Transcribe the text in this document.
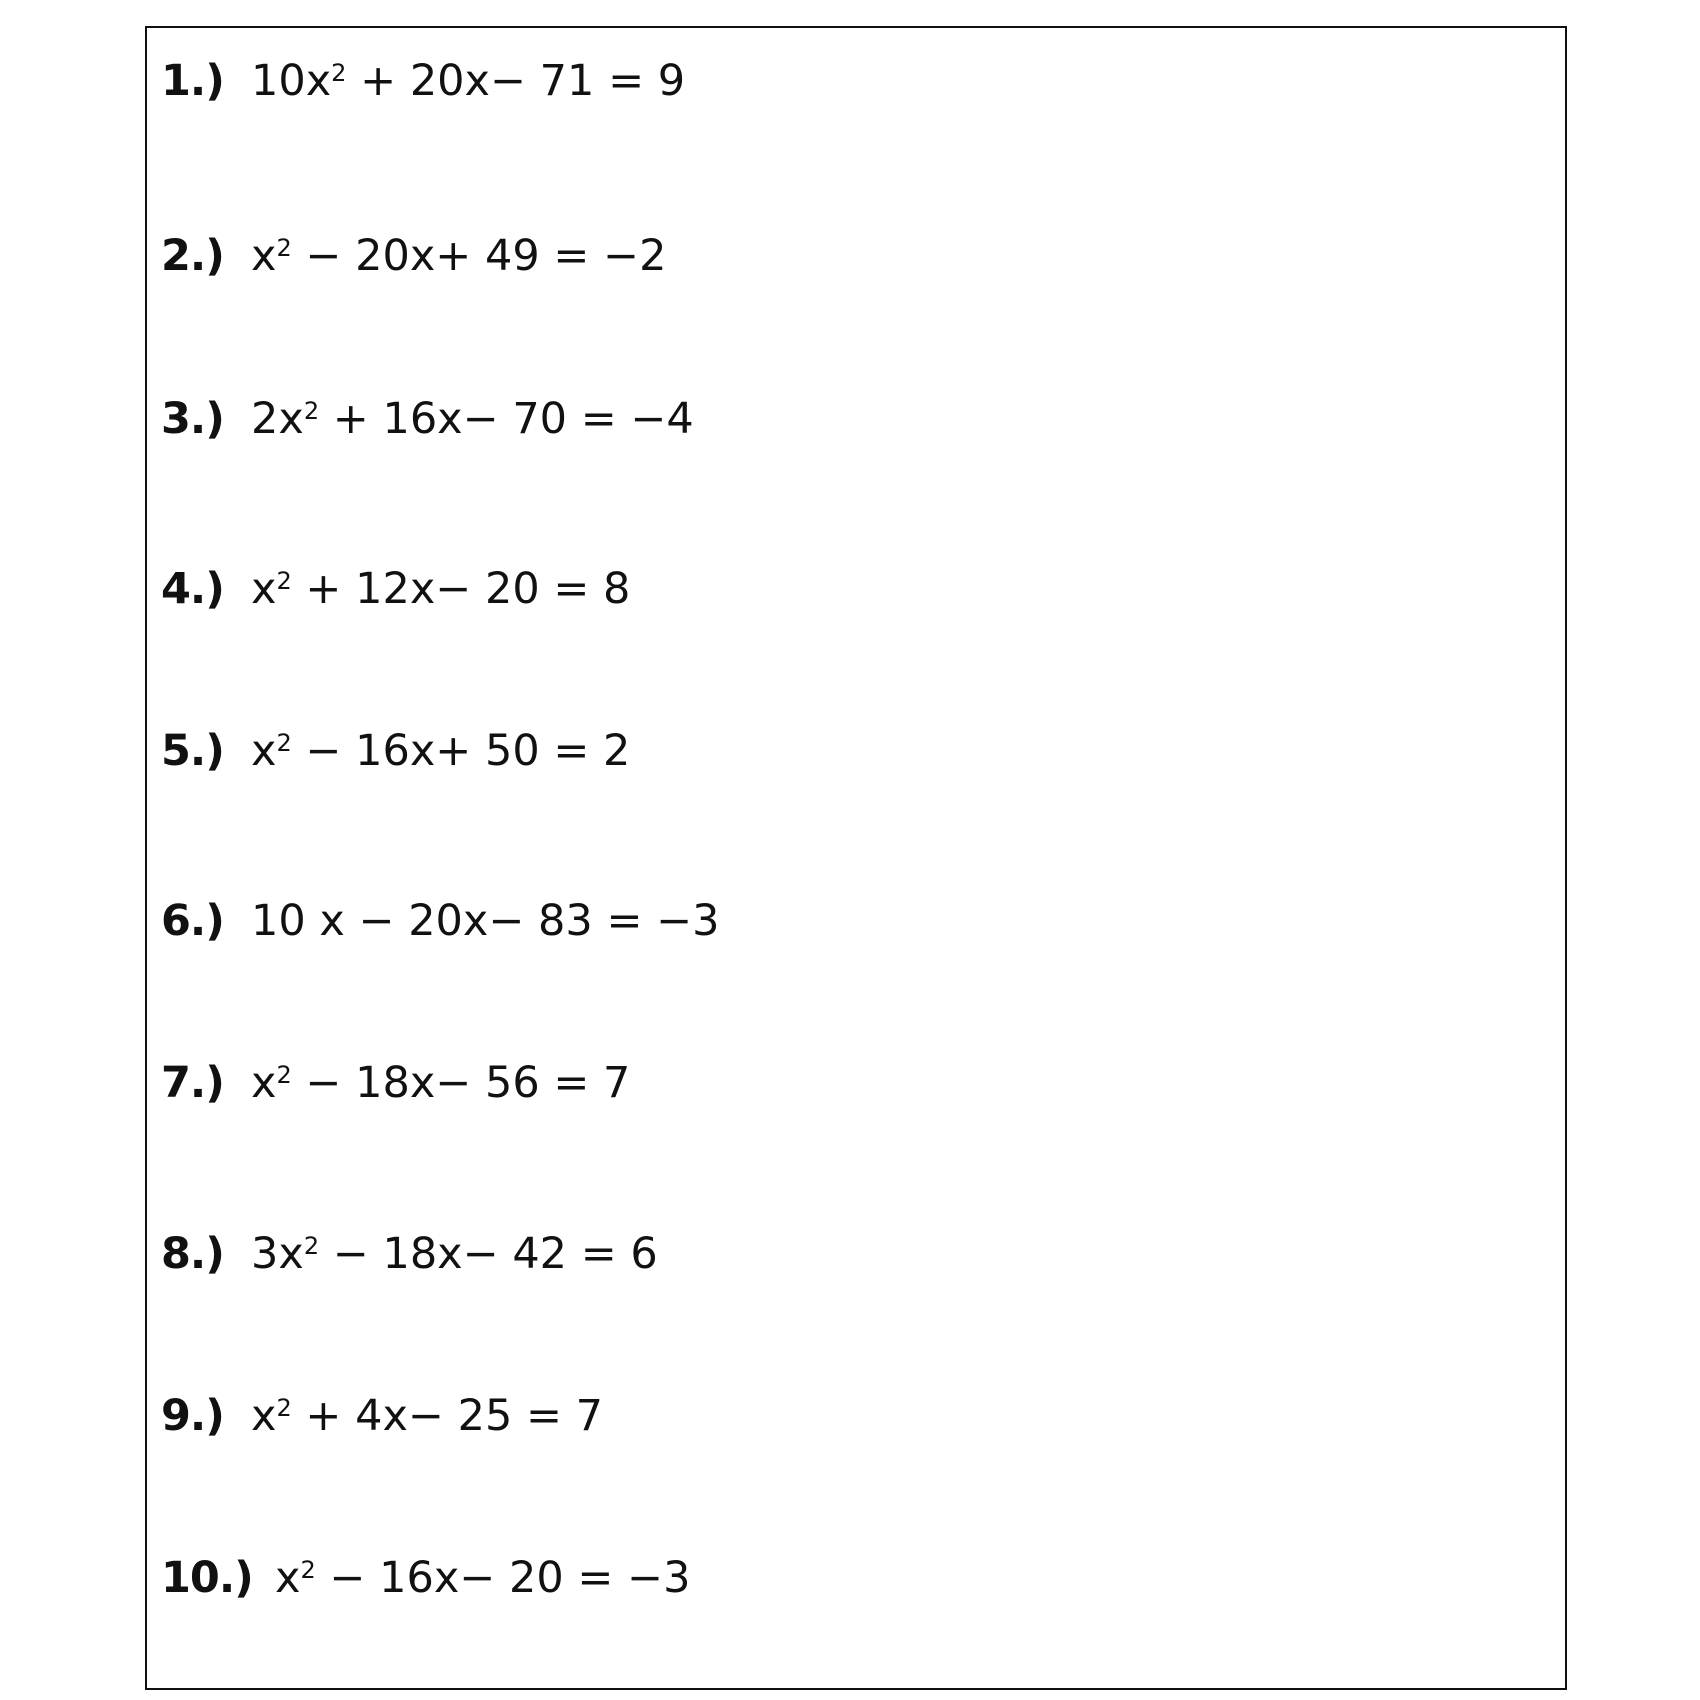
1.) $10x^2 + 20x- 71 = 9$
2.) $x^2 - 20x+ 49 = -2$
3.) $2x^2 + 16x- 70 = -4$
4.) $x^2 + 12x- 20 = 8$
5.) $x^2 - 16x+ 50 = 2$
6.) 10 x − 20x− 83 = −3
7.) $x^2 - 18x- 56 = 7$
8.) $3x^2 - 18x- 42 = 6$
9.) $x^2 + 4x- 25 = 7$
10.) $x^2 - 16x- 20 = -3$
